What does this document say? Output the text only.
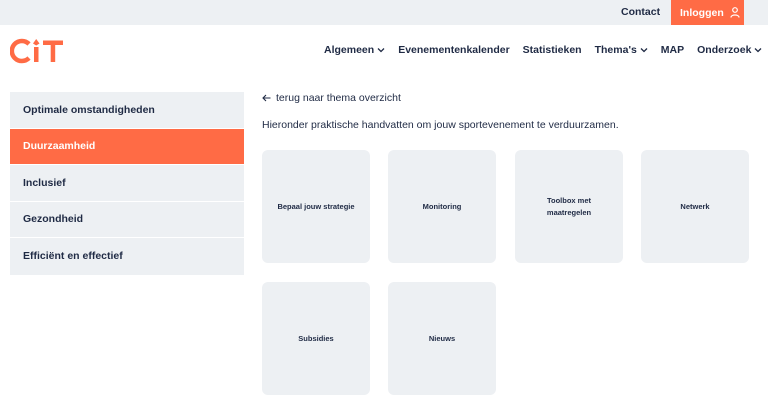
Contact Inloggen
Algemeen Evenementenkalender Statistieken Thema's MAP Onderzoek
Optimale omstandigheden
Duurzaamheid
Inclusief
Gezondheid
Efficiënt en effectief
terug naar thema overzicht

Hieronder praktische handvatten om jouw sportevenement te verduurzamen.

Bepaal jouw strategie	Monitoring
Toolbox met maatregelen
Netwerk
Subsidies	Nieuws
